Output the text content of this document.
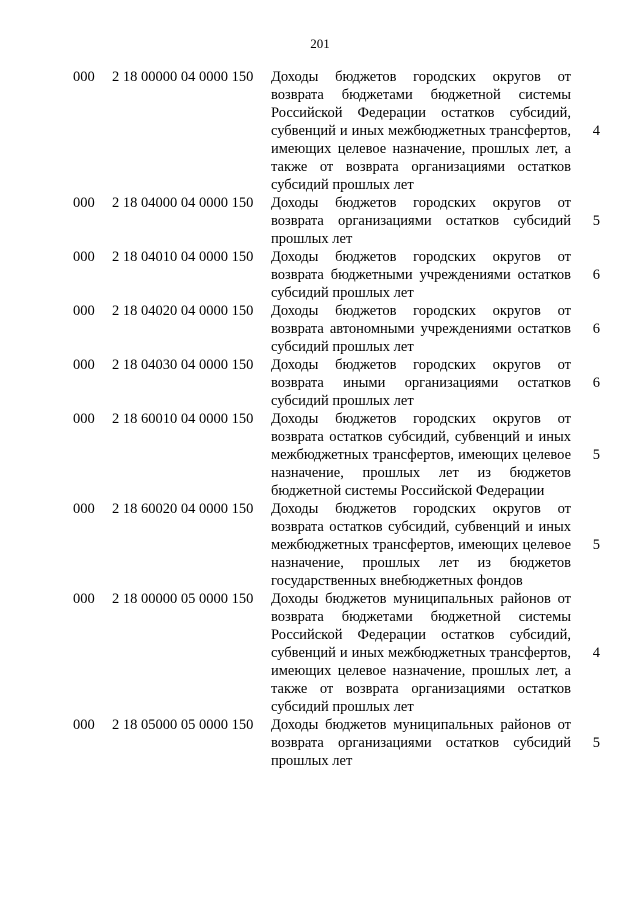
201
000 2 18 00000 04 0000 150 Доходы бюджетов городских округов от возврата бюджетами бюджетной системы Российской Федерации остатков субсидий, субвенций и иных межбюджетных трансфертов, имеющих целевое назначение, прошлых лет, а также от возврата организациями остатков субсидий прошлых лет
4
000 2 18 04000 04 0000 150 Доходы бюджетов городских округов от возврата организациями остатков субсидий прошлых лет
5
000 2 18 04010 04 0000 150 Доходы бюджетов городских округов от возврата бюджетными учреждениями остатков субсидий прошлых лет
6
000 2 18 04020 04 0000 150 Доходы бюджетов городских округов от возврата автономными учреждениями остатков субсидий прошлых лет
6
000 2 18 04030 04 0000 150 Доходы бюджетов городских округов от возврата иными организациями остатков субсидий прошлых лет
6
000 2 18 60010 04 0000 150 Доходы бюджетов городских округов от возврата остатков субсидий, субвенций и иных межбюджетных трансфертов, имеющих целевое назначение, прошлых лет из бюджетов бюджетной системы Российской Федерации
5
000 2 18 60020 04 0000 150 Доходы бюджетов городских округов от возврата остатков субсидий, субвенций и иных межбюджетных трансфертов, имеющих целевое назначение, прошлых лет из бюджетов государственных внебюджетных фондов
5
000 2 18 00000 05 0000 150 Доходы бюджетов муниципальных районов от возврата бюджетами бюджетной системы Российской Федерации остатков субсидий, субвенций и иных межбюджетных трансфертов, имеющих целевое назначение, прошлых лет, а также от возврата организациями остатков субсидий прошлых лет
4
000 2 18 05000 05 0000 150 Доходы бюджетов муниципальных районов от возврата организациями остатков субсидий прошлых лет
5
